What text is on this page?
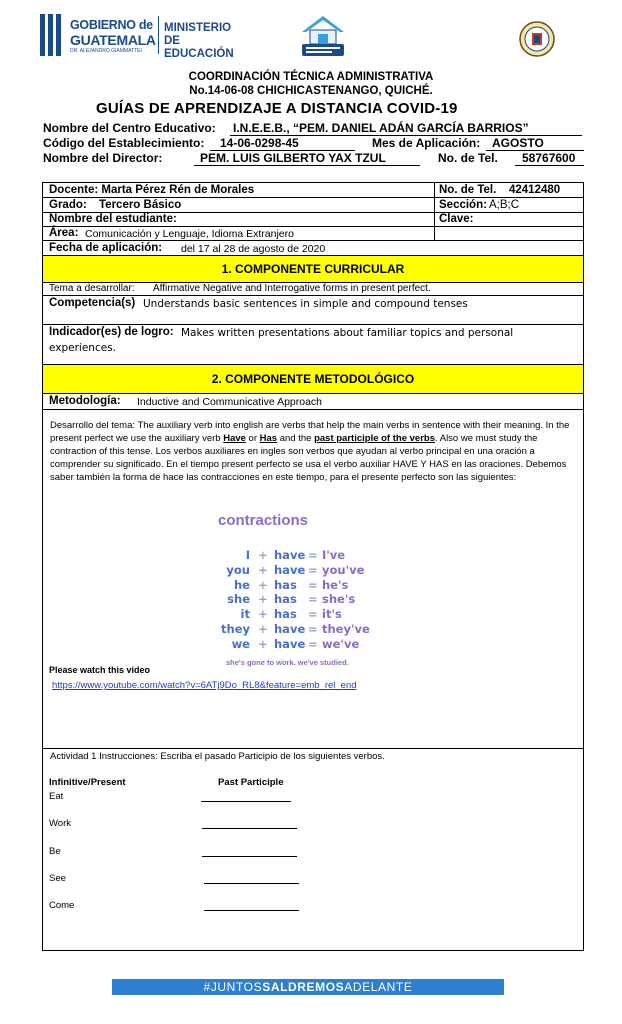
GOBIERNO de
GUATEMALA
DR. ALEJANDRO GIAMMATTEI
MINISTERIO DE
EDUCACIÓN
COORDINACIÓN TÉCNICA ADMINISTRATIVA
No.14-06-08 CHICHICASTENANGO, QUICHÉ.
GUÍAS DE APRENDIZAJE A DISTANCIA COVID-19
Nombre del Centro Educativo: I.N.E.E.B., “PEM. DANIEL ADÁN GARCÍA BARRIOS”
Código del Establecimiento: 14-06-0298-45	Mes de Aplicación: AGOSTO
Nombre del Director:	PEM. LUIS GILBERTO YAX TZUL	No. de Tel. 58767600
Docente: Marta Pérez Rén de Morales	No. de Tel. 42412480
Grado: Tercero Básico	Sección: A;B;C
Nombre del estudiante:	Clave:
Área: Comunicación y Lenguaje, Idioma Extranjero
Fecha de aplicación: del 17 al 28 de agosto de 2020
1. COMPONENTE CURRICULAR
Tema a desarrollar: Affirmative Negative and Interrogative forms in present perfect.
Competencia(s) Understands basic sentences in simple and compound tenses
Indicador(es) de logro: Makes written presentations about familiar topics and personal
experiences.
2. COMPONENTE METODOLÓGICO
Metodología: Inductive and Communicative Approach
Desarrollo del tema: The auxiliary verb into english are verbs that help the main verbs in sentence with their meaning. In the present perfect we use the auxiliary verb Have or Has and the past participle of the verbs. Also we must study the contraction of this tense. Los verbos auxiliares en ingles son verbos que ayudan al verbo principal en una oración a comprender su significado. En el tiempo present perfecto se usa el verbo auxiliar HAVE Y HAS en las oraciones. Debemos saber también la forma de hace las contracciones en este tiempo, para el presente perfecto son las siguientes:
contractions
I + have = I've
you + have = you've
he + has = he's
she + has = she's
it + has = it's
they + have = they've
we + have = we've
she's gone to work. we've studied.
Please watch this video
https://www.youtube.com/watch?v=6ATj9Do_RL8&feature=emb_rel_end
Actividad 1 Instrucciones: Escriba el pasado Participio de los siguientes verbos.
Infinitive/Present	Past Participle
Eat
Work
Be
See
Come
#JUNTOSSALDREMOSADELANTE
